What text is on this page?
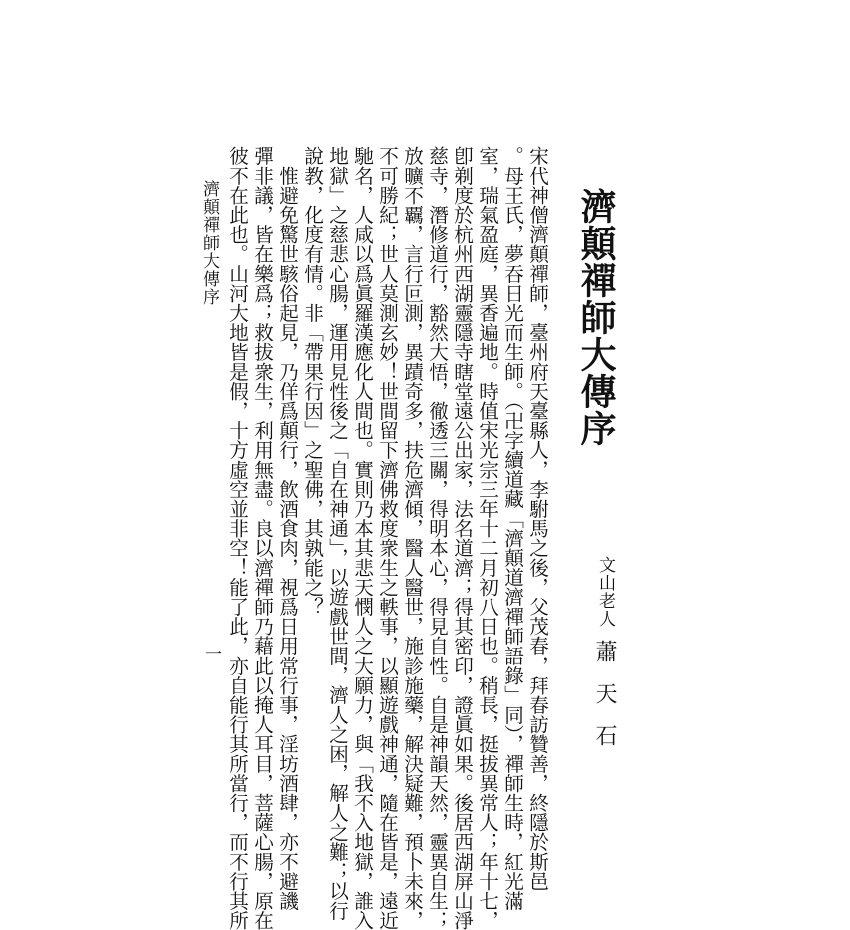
濟顛禪師大傳序
文山老人
蕭天石
宋代神僧濟顛禪師，臺州府天臺縣人，李駙馬之後，父茂春，拜春訪贊善，終隱於斯邑
。母王氏，夢吞日光而生師。（卍字續道藏「濟顛道濟禪師語錄」同），禪師生時，紅光滿
室，瑞氣盈庭，異香遍地。時值宋光宗三年十二月初八日也。稍長，挺拔異常人；年十七，
卽剃度於杭州西湖靈隱寺瞎堂遠公出家，法名道濟；得其密印，證眞如果。後居西湖屏山淨
慈寺，潛修道行，豁然大悟，徹透三關，得明本心，得見自性。自是神韻天然，靈異自生；
放曠不覊，言行叵測，異蹟奇多，扶危濟傾，醫人醫世，施診施藥，解決疑難，預卜未來，
不可勝紀；世人莫測玄妙！世間留下濟佛救度衆生之軼事，以顯遊戲神通，隨在皆是，遠近
馳名，人咸以爲眞羅漢應化人間也。實則乃本其悲天憫人之大願力，與「我不入地獄，誰入
地獄」之慈悲心腸，運用見性後之「自在神通」，以遊戲世間，濟人之困，解人之難；以行
說教，化度有情。非「帶果行因」之聖佛，其孰能之？
　惟避免驚世駭俗起見，乃佯爲顛行，飲酒食肉，視爲日用常行事，淫坊酒肆，亦不避譏
彈非議，皆在樂爲；救拔衆生，利用無盡。良以濟禪師乃藉此以掩人耳目，菩薩心腸，原在
彼不在此也。山河大地皆是假，十方虛空並非空！能了此，亦自能行其所當行，而不行其所
濟顛禪師大傳序
一
